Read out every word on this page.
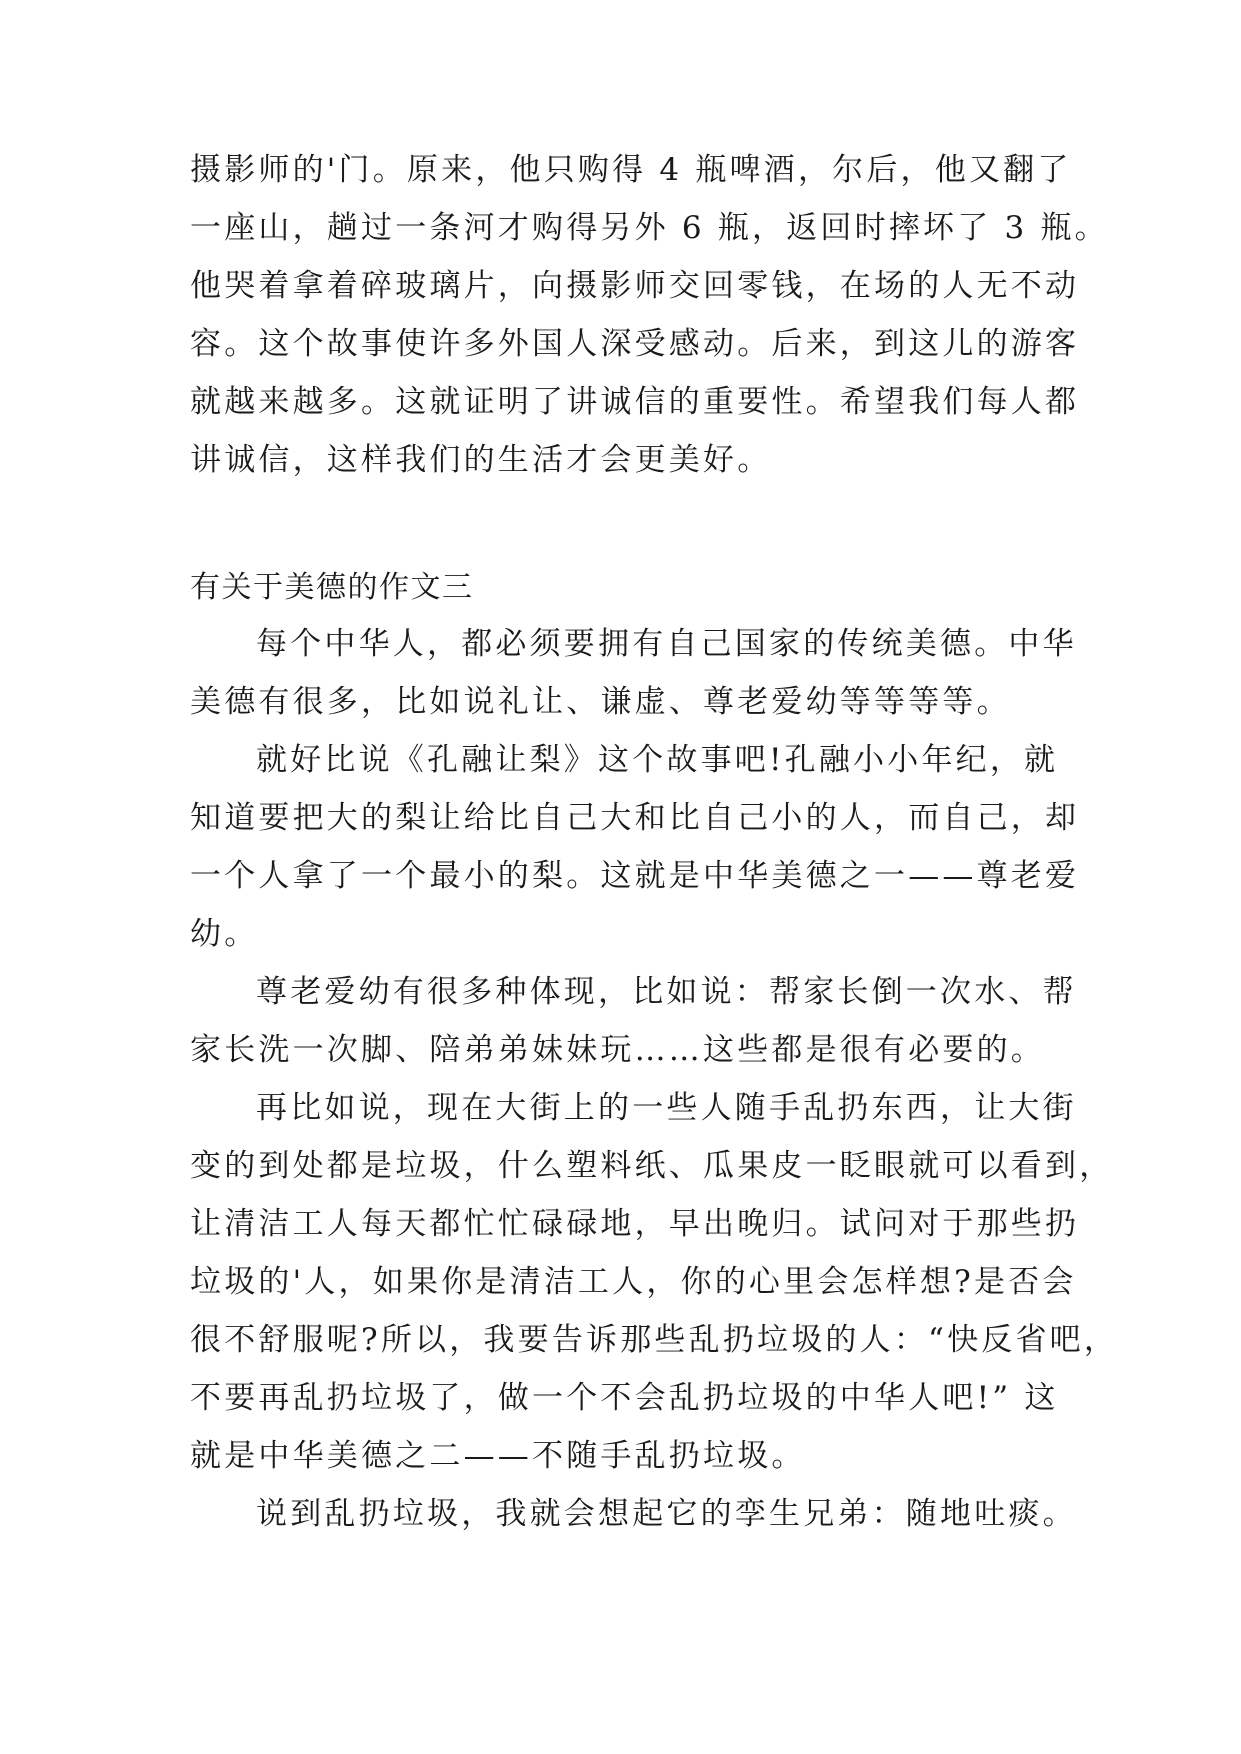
摄影师的'门。原来，他只购得 4 瓶啤酒，尔后，他又翻了
一座山，趟过一条河才购得另外 6 瓶，返回时摔坏了 3 瓶。
他哭着拿着碎玻璃片，向摄影师交回零钱，在场的人无不动
容。这个故事使许多外国人深受感动。后来，到这儿的游客
就越来越多。这就证明了讲诚信的重要性。希望我们每人都
讲诚信，这样我们的生活才会更美好。
有关于美德的作文三
每个中华人，都必须要拥有自己国家的传统美德。中华
美德有很多，比如说礼让、谦虚、尊老爱幼等等等等。
就好比说《孔融让梨》这个故事吧!孔融小小年纪，就
知道要把大的梨让给比自己大和比自己小的人，而自己，却
一个人拿了一个最小的梨。这就是中华美德之一——尊老爱
幼。
尊老爱幼有很多种体现，比如说：帮家长倒一次水、帮
家长洗一次脚、陪弟弟妹妹玩……这些都是很有必要的。
再比如说，现在大街上的一些人随手乱扔东西，让大街
变的到处都是垃圾，什么塑料纸、瓜果皮一眨眼就可以看到，
让清洁工人每天都忙忙碌碌地，早出晚归。试问对于那些扔
垃圾的'人，如果你是清洁工人，你的心里会怎样想?是否会
很不舒服呢?所以，我要告诉那些乱扔垃圾的人：“快反省吧，
不要再乱扔垃圾了，做一个不会乱扔垃圾的中华人吧!” 这
就是中华美德之二——不随手乱扔垃圾。
说到乱扔垃圾，我就会想起它的孪生兄弟：随地吐痰。
